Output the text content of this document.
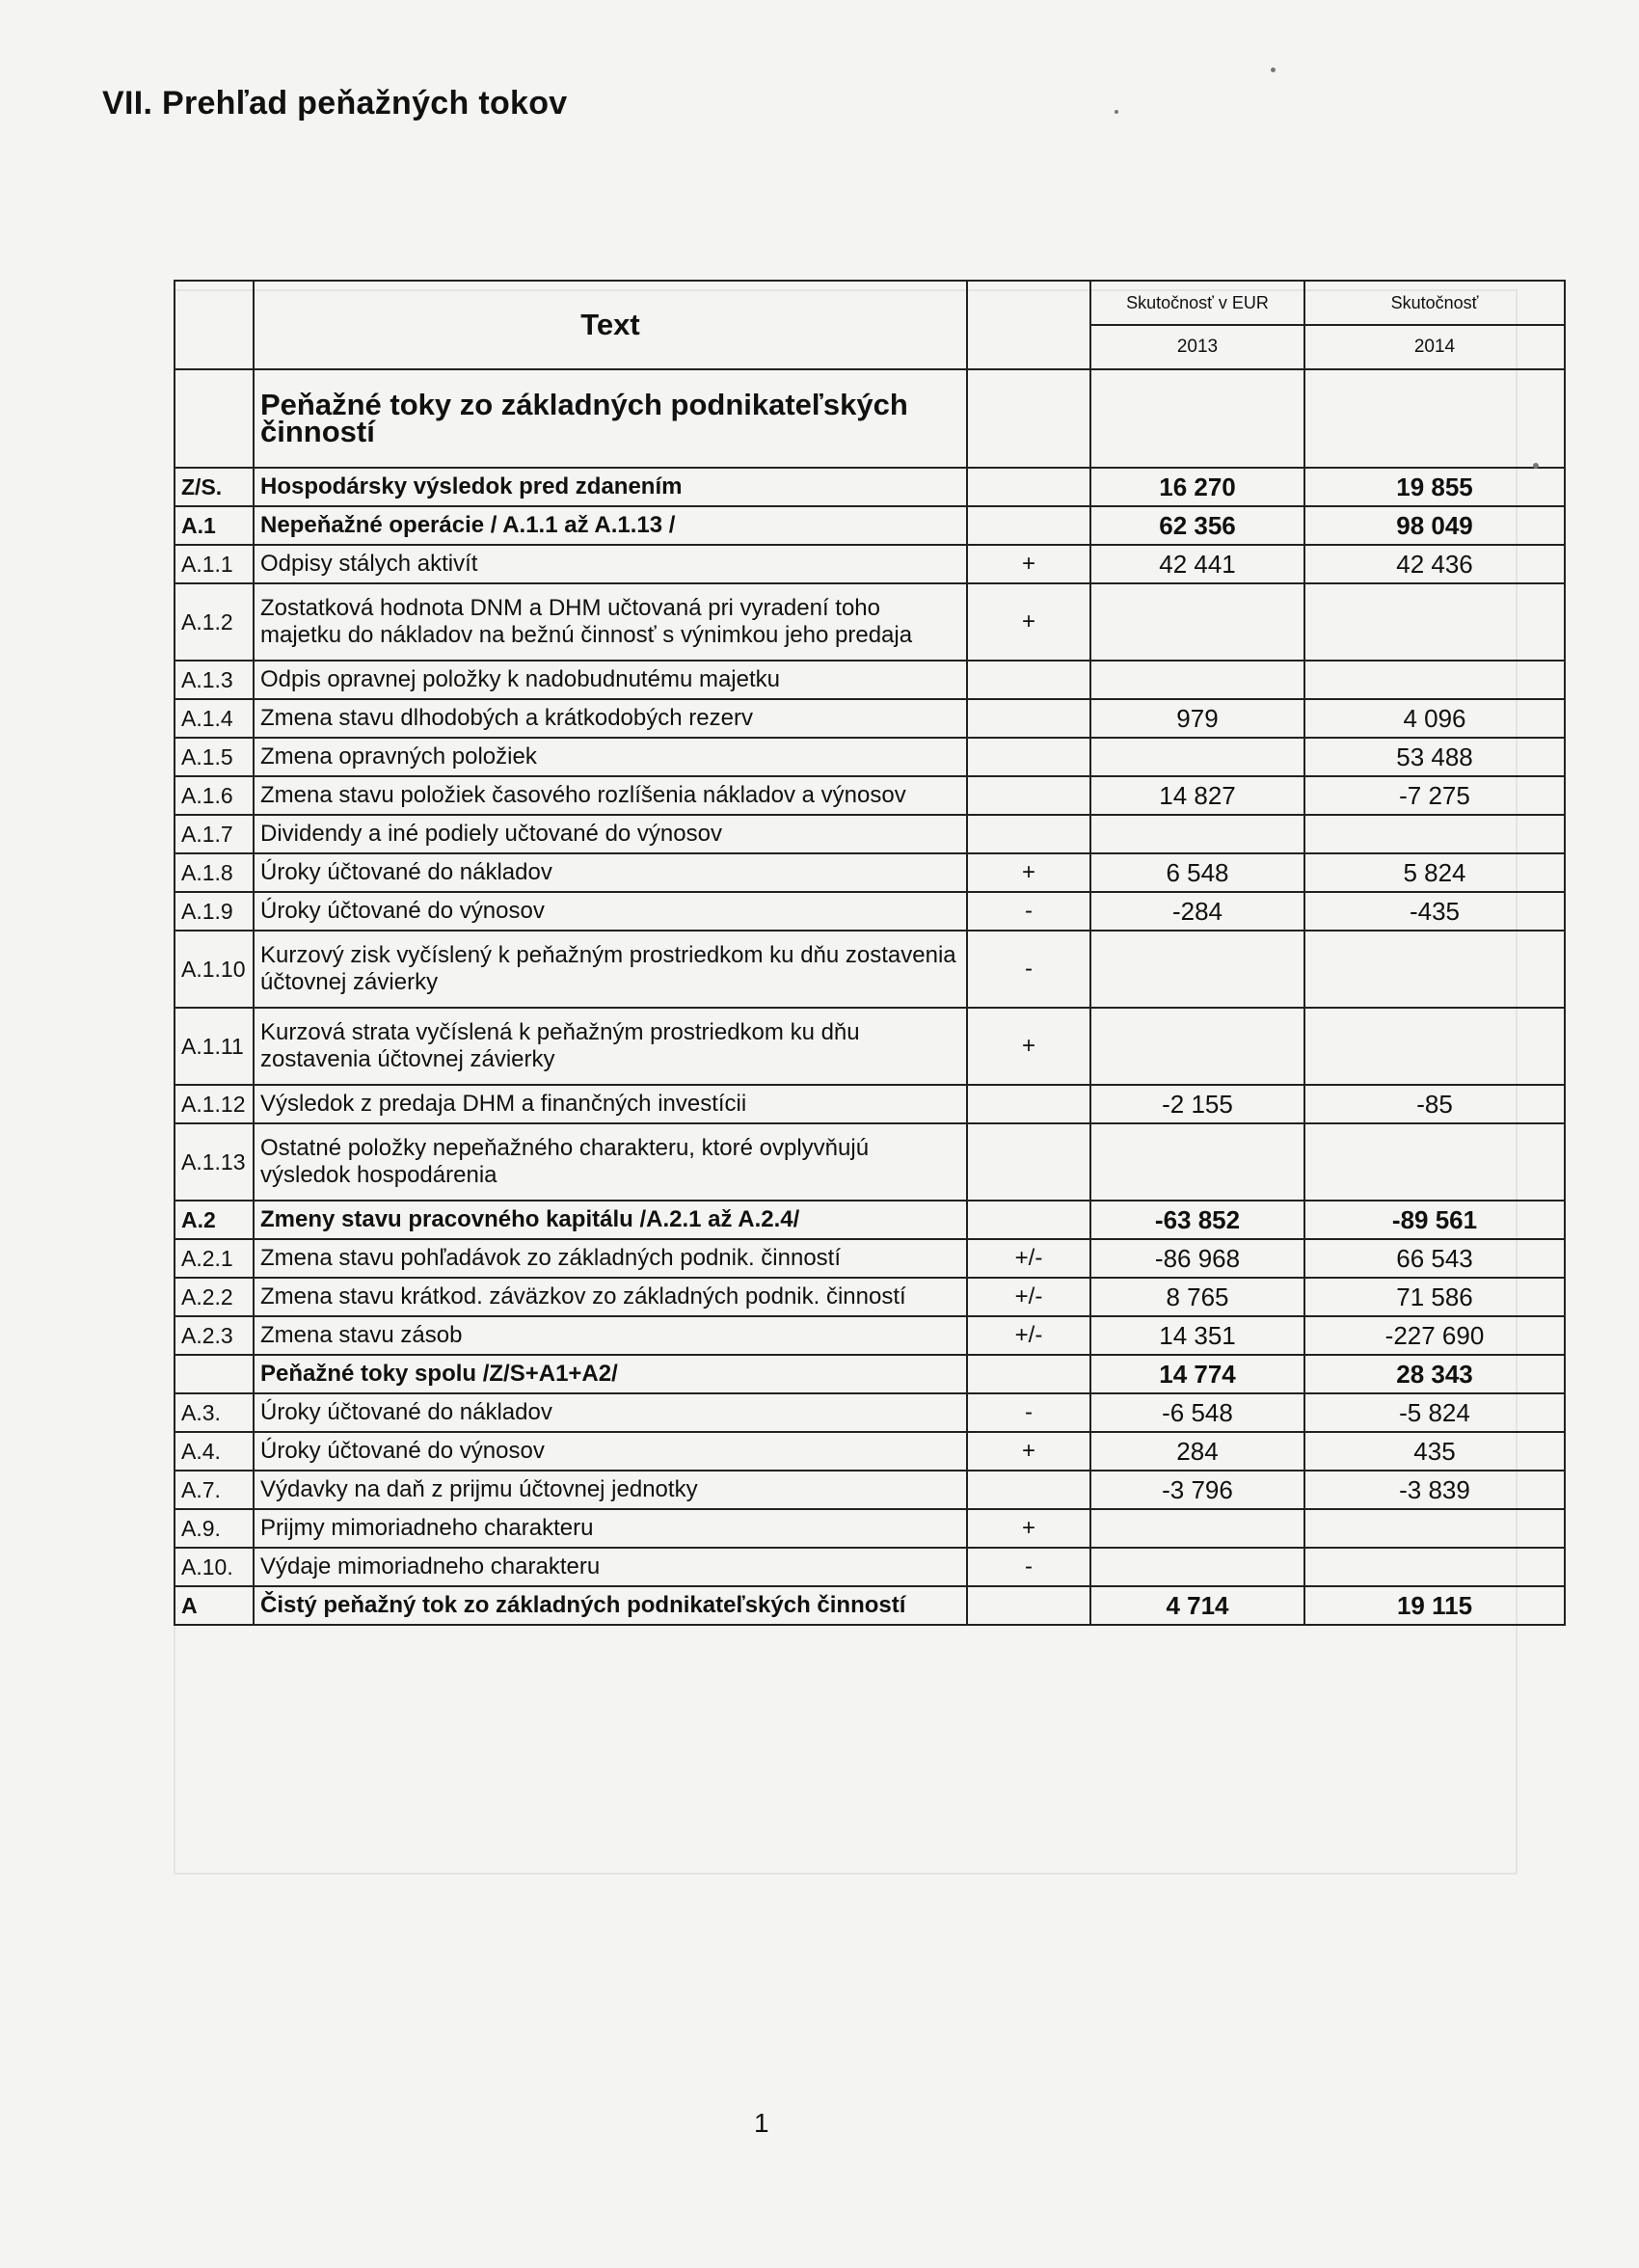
VII. Prehľad peňažných tokov
	Text		Skutočnosť v EUR	Skutočnosť
			2013	2014
	Peňažné toky zo základných podnikateľských činností			
Z/S.	Hospodársky výsledok pred zdanením		16 270	19 855
A.1	Nepeňažné operácie / A.1.1 až A.1.13 /		62 356	98 049
A.1.1	Odpisy stálych aktivít	+	42 441	42 436
A.1.2	Zostatková hodnota DNM a DHM učtovaná pri vyradení toho majetku do nákladov na bežnú činnosť s výnimkou jeho predaja	+		
A.1.3	Odpis opravnej položky k nadobudnutému majetku			
A.1.4	Zmena stavu dlhodobých a krátkodobých rezerv		979	4 096
A.1.5	Zmena opravných položiek			53 488
A.1.6	Zmena stavu položiek časového rozlíšenia nákladov a výnosov		14 827	-7 275
A.1.7	Dividendy a iné podiely učtované do výnosov			
A.1.8	Úroky účtované do nákladov	+	6 548	5 824
A.1.9	Úroky účtované do výnosov	-	-284	-435
A.1.10	Kurzový zisk vyčíslený k peňažným prostriedkom ku dňu zostavenia účtovnej závierky	-		
A.1.11	Kurzová strata vyčíslená k peňažným prostriedkom ku dňu zostavenia účtovnej závierky	+		
A.1.12	Výsledok z predaja DHM a finančných investícii		-2 155	-85
A.1.13	Ostatné položky nepeňažného charakteru, ktoré ovplyvňujú výsledok hospodárenia			
A.2	Zmeny stavu pracovného kapitálu /A.2.1 až A.2.4/		-63 852	-89 561
A.2.1	Zmena stavu pohľadávok zo základných podnik. činností	+/-	-86 968	66 543
A.2.2	Zmena stavu krátkod. záväzkov zo základných podnik. činností	+/-	8 765	71 586
A.2.3	Zmena stavu zásob	+/-	14 351	-227 690
	Peňažné toky spolu /Z/S+A1+A2/		14 774	28 343
A.3.	Úroky účtované do nákladov	-	-6 548	-5 824
A.4.	Úroky účtované do výnosov	+	284	435
A.7.	Výdavky na daň z prijmu účtovnej jednotky		-3 796	-3 839
A.9.	Prijmy mimoriadneho charakteru	+		
A.10.	Výdaje mimoriadneho charakteru	-		
A	Čistý peňažný tok zo základných podnikateľských činností		4 714	19 115
1
